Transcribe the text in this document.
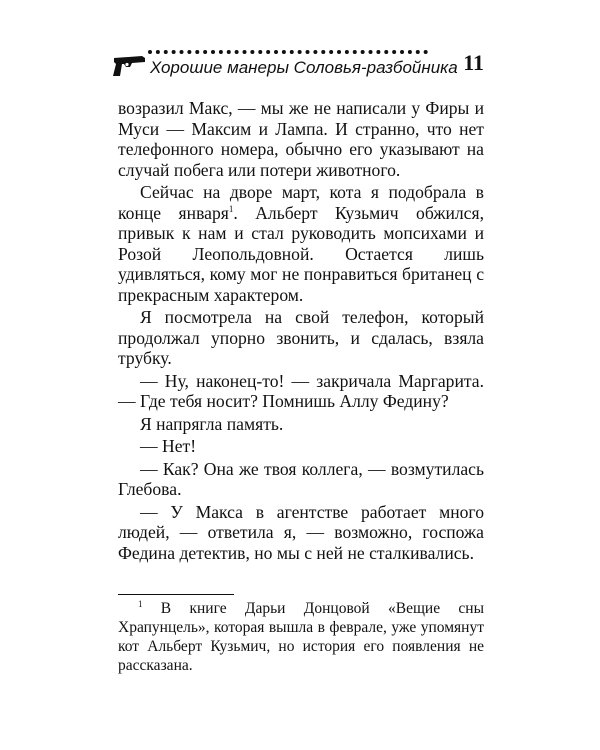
Хорошие манеры Соловья-разбойника 11

возразил Макс, — мы же не написали у Фиры и Муси — Максим и Лампа. И странно, что нет телефонного номера, обычно его указывают на случай побега или потери животного.

Сейчас на дворе март, кота я подобрала в конце января$^1$. Альберт Кузьмич обжился, привык к нам и стал руководить мопсихами и Розой Леопольдовной. Остается лишь удивляться, кому мог не понравиться британец с прекрасным характером.

Я посмотрела на свой телефон, который продолжал упорно звонить, и сдалась, взяла трубку.

— Ну, наконец-то! — закричала Маргарита. — Где тебя носит? Помнишь Аллу Федину?

Я напрягла память.

— Нет!

— Как? Она же твоя коллега, — возмутилась Глебова.

— У Макса в агентстве работает много людей, — ответила я, — возможно, госпожа Федина детектив, но мы с ней не сталкивались.

$^1$ В книге Дарьи Донцовой «Вещие сны Храпунцель», которая вышла в феврале, уже упомянут кот Альберт Кузьмич, но история его появления не рассказана.
